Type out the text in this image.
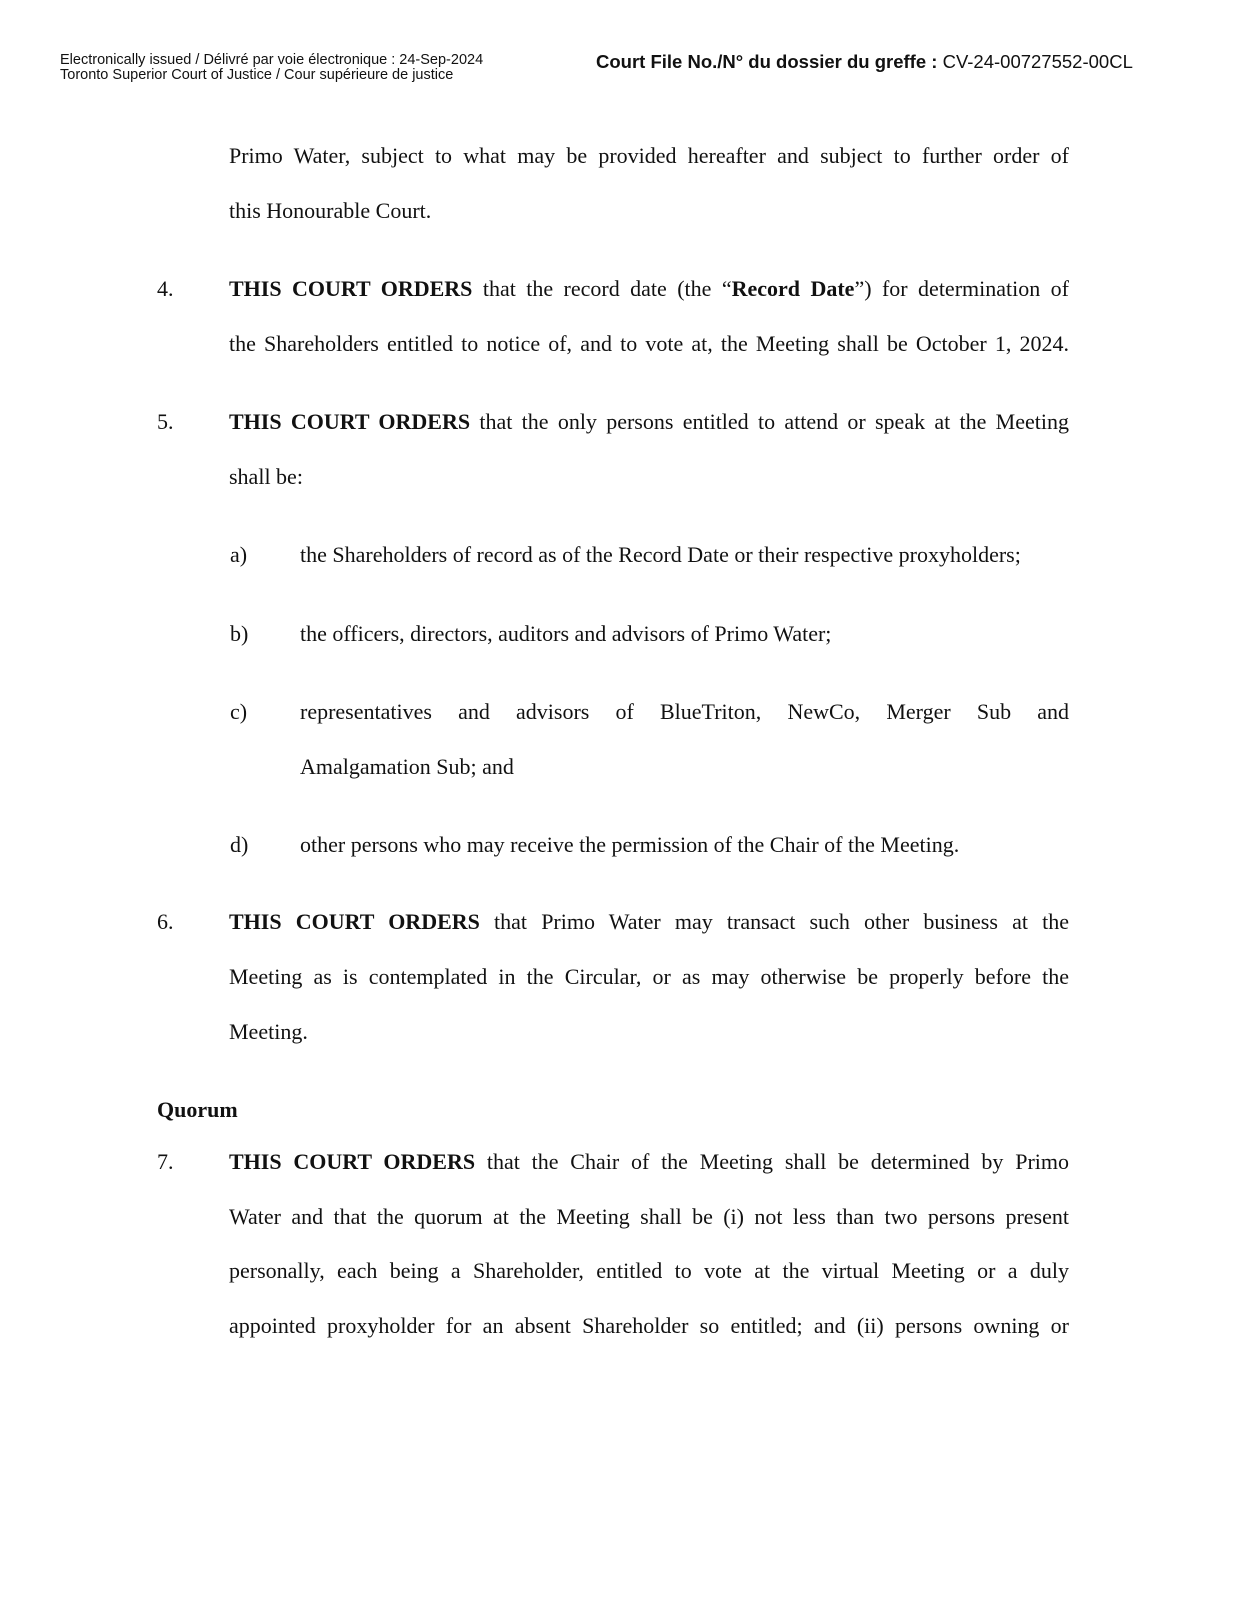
Electronically issued / Délivré par voie électronique : 24-Sep-2024
Toronto Superior Court of Justice / Cour supérieure de justice
Court File No./N° du dossier du greffe : CV-24-00727552-00CL
Primo Water, subject to what may be provided hereafter and subject to further order of
this Honourable Court.
4.	THIS COURT ORDERS that the record date (the “Record Date”) for determination of
the Shareholders entitled to notice of, and to vote at, the Meeting shall be October 1, 2024.
5.	THIS COURT ORDERS that the only persons entitled to attend or speak at the Meeting
shall be:
a) the Shareholders of record as of the Record Date or their respective proxyholders;
b) the officers, directors, auditors and advisors of Primo Water;
c) representatives and advisors of BlueTriton, NewCo, Merger Sub and
Amalgamation Sub; and
d) other persons who may receive the permission of the Chair of the Meeting.
6.	THIS COURT ORDERS that Primo Water may transact such other business at the
Meeting as is contemplated in the Circular, or as may otherwise be properly before the
Meeting.
Quorum
7.	THIS COURT ORDERS that the Chair of the Meeting shall be determined by Primo
Water and that the quorum at the Meeting shall be (i) not less than two persons present
personally, each being a Shareholder, entitled to vote at the virtual Meeting or a duly
appointed proxyholder for an absent Shareholder so entitled; and (ii) persons owning or
